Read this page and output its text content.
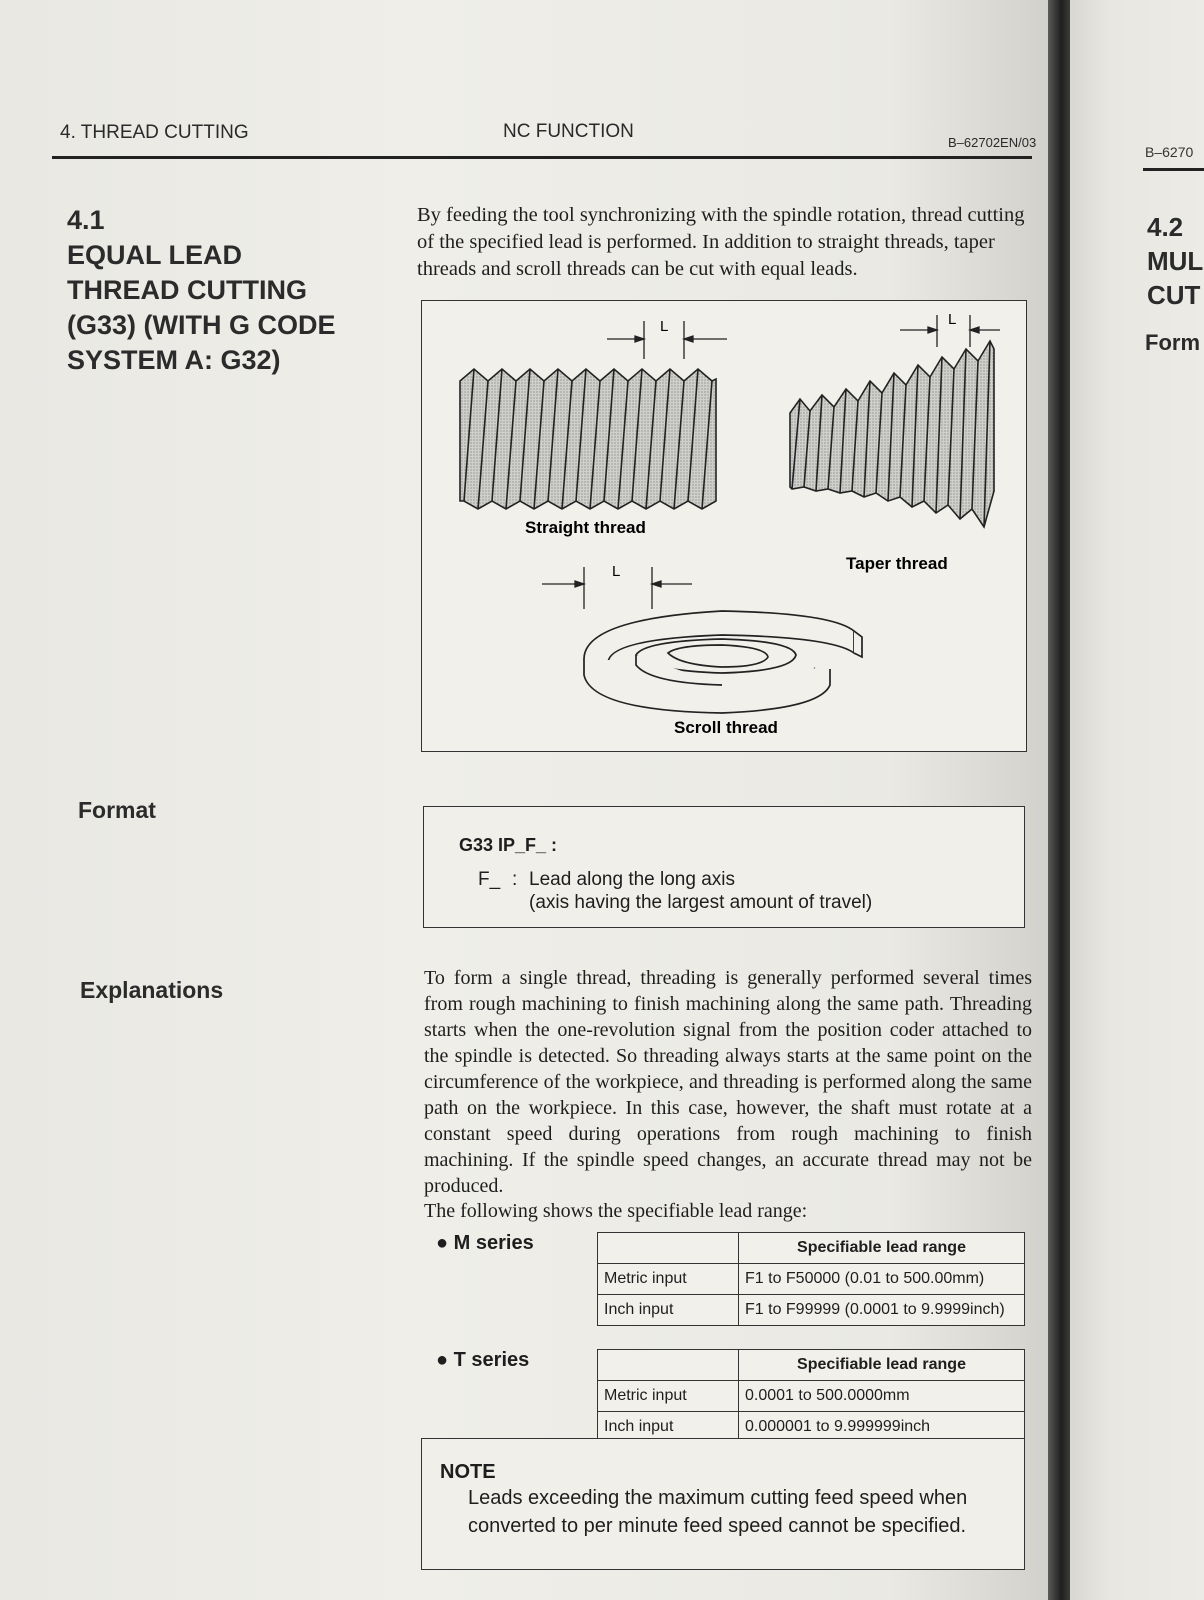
4. THREAD CUTTING	NC FUNCTION
B–62702EN/03
4.1
EQUAL LEAD
THREAD CUTTING
(G33) (WITH G CODE
SYSTEM A: G32)
By feeding the tool synchronizing with the spindle rotation, thread cutting of the specified lead is performed. In addition to straight threads, taper threads and scroll threads can be cut with equal leads.
L	L
L
Straight thread
Taper thread
Scroll thread
Format
G33 IP_F_ :
F_ : Lead along the long axis
(axis having the largest amount of travel)
Explanations	To form a single thread, threading is generally performed several times from rough machining to finish machining along the same path. Threading starts when the one-revolution signal from the position coder attached to the spindle is detected. So threading always starts at the same point on the circumference of the workpiece, and threading is performed along the same path on the workpiece. In this case, however, the shaft must rotate at a constant speed during operations from rough machining to finish machining. If the spindle speed changes, an accurate thread may not be produced.
The following shows the specifiable lead range:
● M series
		Specifiable lead range
Metric input	F1 to F50000 (0.01 to 500.00mm)
Inch input	F1 to F99999 (0.0001 to 9.9999inch)
● T series
		Specifiable lead range
Metric input	0.0001 to 500.0000mm
Inch input	0.000001 to 9.999999inch
NOTE
Leads exceeding the maximum cutting feed speed when
converted to per minute feed speed cannot be specified.
B–6270
4.2
MUL
CUT
Form
